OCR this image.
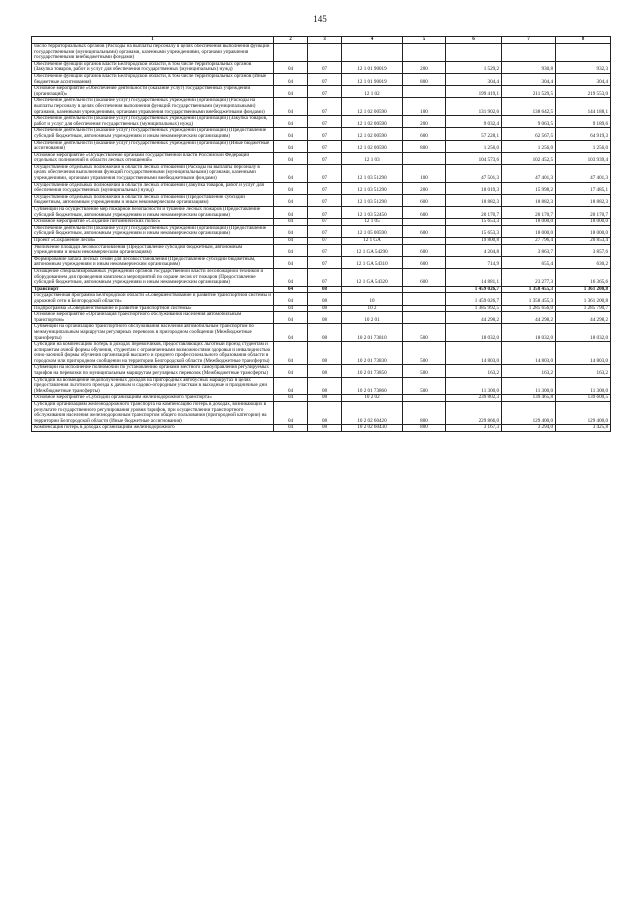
145
1	2	3	4	5	6	7	8
число территориальных органов (Расходы на выплаты персоналу в целях обеспечения выполнения функций государственными (муниципальными) органами, казенными учреждениями, органами управления государственными внебюджетными фондами)							
Обеспечение функций органов власти Белгородской области, в том числе территориальных органов (Закупка товаров, работ и услуг для обеспечения государственных (муниципальных) нужд)	04	07	12 1 01 90019	200	1 529,2	930,8	932,3
Обеспечение функций органов власти Белгородской области, в том числе территориальных органов (Иные бюджетные ассигнования)	04	07	12 1 01 90019	800	304,4	304,4	304,4
Основное мероприятие «Обеспечение деятельности (оказание услуг) государственных учреждений (организаций)»	04	07	12 1 02		199 419,1	211 529,5	219 553,0
Обеспечение деятельности (оказание услуг) государственных учреждений (организаций) (Расходы на выплаты персоналу в целях обеспечения выполнения функций государственными (муниципальными) органами, казенными учреждениями, органами управления государственными внебюджетными фондами)	04	07	12 1 02 00590	100	131 902,6	138 642,5	144 188,1
Обеспечение деятельности (оказание услуг) государственных учреждений (организаций) (Закупка товаров, работ и услуг для обеспечения государственных (муниципальных) нужд)	04	07	12 1 02 00590	200	9 032,4	9 063,5	9 189,6
Обеспечение деятельности (оказание услуг) государственных учреждений (организаций) (Предоставление субсидий бюджетным, автономным учреждениям и иным некоммерческим организациям)	04	07	12 1 02 00590	600	57 228,1	62 567,5	64 919,3
Обеспечение деятельности (оказание услуг) государственных учреждений (организаций) (Иные бюджетные ассигнования)	04	07	12 1 02 00590	800	1 256,0	1 256,0	1 256,0
Основное мероприятие «Осуществление органами государственной власти Российской Федерации отдельных полномочий в области лесных отношений»	04	07	12 1 03		104 573,6	102 452,5	103 939,4
Осуществление отдельных полномочий в области лесных отношений (Расходы на выплаты персоналу в целях обеспечения выполнения функций государственными (муниципальными) органами, казенными учреждениями, органами управления государственными внебюджетными фондами)	04	07	12 1 03 51290	100	47 501,3	47 401,3	47 401,3
Осуществление отдельных полномочий в области лесных отношений (Закупка товаров, работ и услуг для обеспечения государственных (муниципальных) нужд)	04	07	12 1 03 51290	200	18 019,3	15 998,2	17 485,1
Осуществление отдельных полномочий в области лесных отношений (Предоставление субсидий бюджетным, автономным учреждениям и иным некоммерческим организациям)	04	07	12 1 03 51290	600	18 882,3	18 882,3	18 882,3
Субвенции на осуществление мер пожарной безопасности и тушение лесных пожаров (Предоставление субсидий бюджетным, автономным учреждениям и иным некоммерческим организациям)	04	07	12 1 03 52450	600	20 170,7	20 170,7	20 170,7
Основное мероприятие «Создание питомнических полос»	04	07	12 1 05		15 653,3	18 000,0	18 000,0
Обеспечение деятельности (оказание услуг) государственных учреждений (организаций) (Предоставление субсидий бюджетным, автономным учреждениям и иным некоммерческим организациям)	04	07	12 1 05 00590	600	15 653,3	18 000,0	18 000,0
Проект «Сохранение лесов»	04	07	12 1 GA		19 800,8	27 796,4	20 853,4
Увеличение площади лесовосстановления (Предоставление субсидий бюджетным, автономным учреждениям и иным некоммерческим организациям)	04	07	12 1 GA 54290	600	4 204,8	3 863,7	3 857,6
Формирование запаса лесных семян для лесовосстановления (Предоставление субсидий бюджетным, автономным учреждениям и иным некоммерческим организациям)	04	07	12 1 GA 54310	600	714,9	655,4	630,2
Оснащение специализированных учреждений органов государственной власти лесопожарной техникой и оборудованием для проведения комплекса мероприятий по охране лесов от пожаров (Предоставление субсидий бюджетным, автономным учреждениям и иным некоммерческим организациям)	04	07	12 1 GA 54320	600	14 881,1	23 277,3	16 365,6
Транспорт	04	08			1 459 026,7	1 358 455,3	1 361 200,8
Государственная программа Белгородской области «Совершенствование и развитие транспортной системы и дорожной сети в Белгородской области»	04	08	10		1 459 026,7	1 358 455,3	1 361 200,8
Подпрограмма «Совершенствование и развитие транспортной системы»	04	08	10 2		1 385 992,5	1 285 656,0	1 285 790,7
Основное мероприятие «Организация транспортного обслуживания населения автомобильным транспортом»	04	08	10 2 01		44 298,2	44 298,2	44 298,2
Субвенции на организацию транспортного обслуживания населения автомобильным транспортом по межмуниципальным маршрутам регулярных перевозок в пригородном сообщении (Межбюджетные трансферты)	04	08	10 2 01 73810	500	18 032,0	18 032,0	18 032,0
Субсидии на компенсацию потерь в доходах перевозчиков, предоставляющих льготный проезд студентам и аспирантам очной формы обучения, студентам с ограниченными возможностями здоровья и инвалидностью очно-заочной формы обучения организаций высшего и среднего профессионального образования области в городском или пригородном сообщении на территории Белгородской области (Межбюджетные трансферты)	04	08	10 2 01 73830	500	14 803,0	14 803,0	14 803,0
Субвенции на исполнение полномочий по установлению органами местного самоуправления регулируемых тарифов на перевозки по муниципальным маршрутам регулярных перевозок (Межбюджетные трансферты)	04	08	10 2 01 73850	500	163,2	163,2	163,2
Субсидии на возмещение недополученных доходов на пригородных автобусных маршрутах в целях предоставления льготного проезда к дачным и садово-огородным участкам в выходные и праздничные дни (Межбюджетные трансферты)	04	08	10 2 01 73860	500	11 300,0	11 300,0	11 300,0
Основное мероприятие «Субсидии организациям железнодорожного транспорта»	04	08	10 2 02		239 802,3	139 465,8	139 600,5
Субсидии организациям железнодорожного транспорта на компенсацию потерь в доходах, возникающих в результате государственного регулирования уровня тарифов, при осуществлении транспортного обслуживания населения железнодорожным транспортом общего пользования (пригородной категории) на территории Белгородской области (Иные бюджетные ассигнования)	04	08	10 2 02 60420	800	229 866,0	129 400,0	129 400,0
Компенсация потерь в доходах организациям железнодорожного	04	08	10 2 02 60430	800	3 167,3	3 294,0	3 425,8
